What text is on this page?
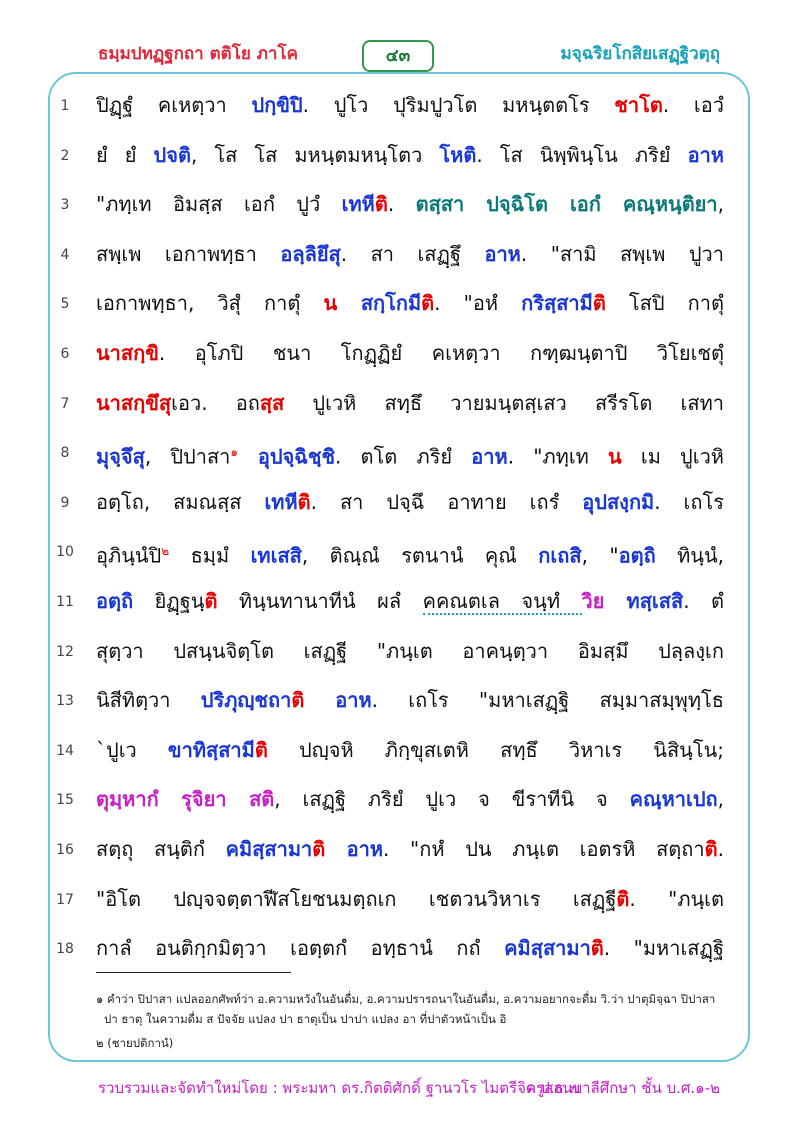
ธมฺมปทฏฺฐกถา ตติโย ภาโค	๔๓	มจฺฉริยโกสิยเสฏฺฐิวตฺถุ
1	ปิฏฺฐํ คเหตฺวา ปกฺขิปิ. ปูโว ปุริมปูวโต มหนฺตตโร ชาโต. เอวํ
2	ยํ ยํ ปจติ, โส โส มหนฺตมหนฺโตว โหติ. โส นิพฺพินฺโน ภริยํ อาห
3	"ภทฺเท อิมสฺส เอกํ ปูวํ เทหีติ. ตสฺสา ปจฺฉิโต เอกํ คณฺหนฺติยา,
4	สพฺเพ เอกาพทฺธา อลฺลิยึสุ. สา เสฏฺฐึ อาห. "สามิ สพฺเพ ปูวา
5	เอกาพทฺธา, วิสุํ กาตุํ น สกฺโกมีติ. "อหํ กริสฺสามีติ โสปิ กาตุํ
6	นาสกฺขิ. อุโภปิ ชนา โกฏฺฏิยํ คเหตฺวา กฑฺฒนฺตาปิ วิโยเชตุํ
7	นาสกฺขึสุเอว. อถสฺส ปูเวหิ สทฺธึ วายมนฺตสฺเสว สรีรโต เสทา
8	มุจฺจึสุ, ปิปาสา$^๑$ อุปจฺฉิชฺชิ. ตโต ภริยํ อาห. "ภทฺเท น เม ปูเวหิ
9	อตฺโถ, สมณสฺส เทหีติ. สา ปจฺฉึ อาทาย เถรํ อุปสงฺกมิ. เถโร
10	อุภินฺนํปิ$^๒$ ธมฺมํ เทเสสิ, ติณฺณํ รตนานํ คุณํ กเถสิ, "อตฺถิ ทินฺนํ,
11	อตฺถิ ยิฏฺฐนฺติ ทินฺนทานาทีนํ ผลํ คคณตเล จนฺทํ วิย ทสฺเสสิ. ตํ
12	สุตฺวา ปสนฺนจิตฺโต เสฏฺฐี "ภนฺเต อาคนฺตฺวา อิมสฺมึ ปลฺลงฺเก
13	นิสีทิตฺวา ปริภุญฺชถาติ อาห. เถโร "มหาเสฏฺฐิ สมฺมาสมฺพุทฺโธ
14	`ปูเว ขาทิสฺสามีติ ปญฺจหิ ภิกฺขุสเตหิ สทฺธึ วิหาเร นิสินฺโน;
15	ตุมฺหากํ รุจิยา สติ, เสฏฺฐิ ภริยํ ปูเว จ ขีราทีนิ จ คณฺหาเปถ,
16	สตฺถุ สนฺติกํ คมิสฺสามาติ อาห. "กหํ ปน ภนฺเต เอตรหิ สตฺถาติ.
17	"อิโต ปญฺจจตฺตาฬีสโยชนมตฺถเก เชตวนวิหาเร เสฏฺฐีติ. "ภนฺเต
18	กาลํ อนติกฺกมิตฺวา เอตฺตกํ อทฺธานํ กถํ คมิสฺสามาติ. "มหาเสฏฺฐิ
๑ คำว่า ปิปาสา แปลออกศัพท์ว่า อ.ความหวังในอันดื่ม, อ.ความปรารถนาในอันดื่ม, อ.ความอยากจะดื่ม วิ.ว่า ปาตุมิจฺฉา ปิปาสา
ปา ธาตุ ในความดื่ม ส ปัจจัย แปลง ปา ธาตุเป็น ปาปา แปลง อา ที่ปาตัวหน้าเป็น อิ
๒ (ชายปติกานํ)
รวบรวมและจัดทำใหม่โดย : พระมหา ดร.กิตติศักดิ์ ฐานวโร ไมตรีจิต ป.ธ.๗
ครูสอนบาลีศึกษา ชั้น บ.ศ.๑-๒
